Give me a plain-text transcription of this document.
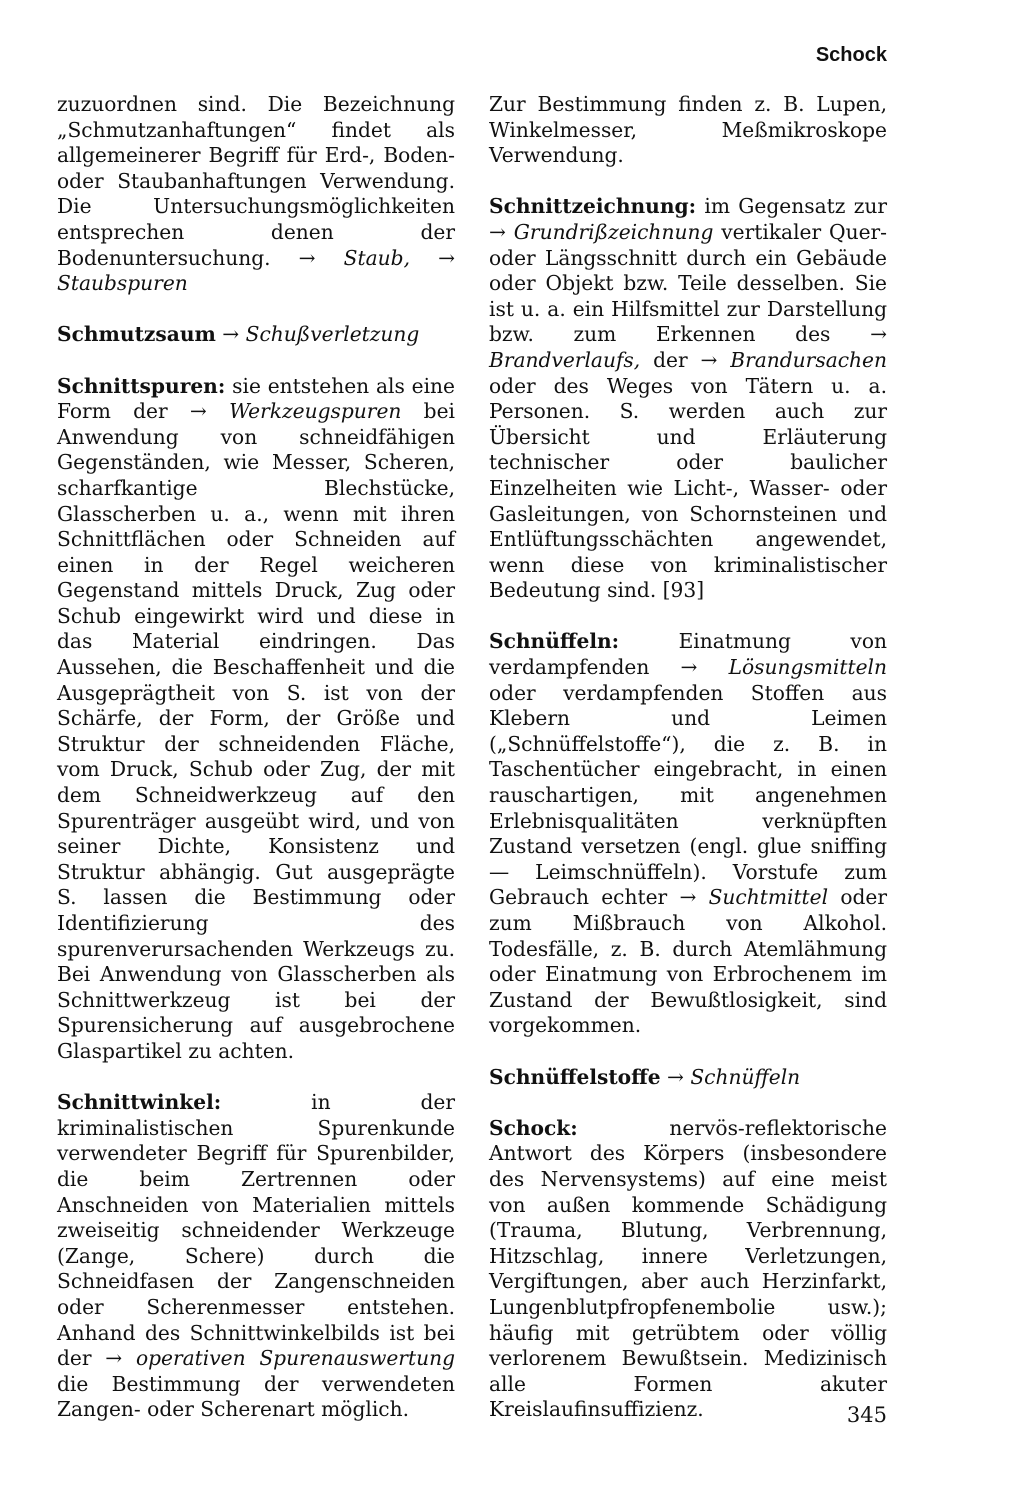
Schock

zuzuordnen sind. Die Bezeichnung „Schmutzanhaftungen“ findet als allgemeinerer Begriff für Erd-, Boden- oder Staubanhaftungen Verwendung. Die Untersuchungsmöglichkeiten entsprechen denen der Bodenuntersuchung. → Staub, → Staubspuren

Schmutzsaum → Schußverletzung

Schnittspuren: sie entstehen als eine Form der → Werkzeugspuren bei Anwendung von schneidfähigen Gegenständen, wie Messer, Scheren, scharfkantige Blechstücke, Glasscherben u. a., wenn mit ihren Schnittflächen oder Schneiden auf einen in der Regel weicheren Gegenstand mittels Druck, Zug oder Schub eingewirkt wird und diese in das Material eindringen. Das Aussehen, die Beschaffenheit und die Ausgeprägtheit von S. ist von der Schärfe, der Form, der Größe und Struktur der schneidenden Fläche, vom Druck, Schub oder Zug, der mit dem Schneidwerkzeug auf den Spurenträger ausgeübt wird, und von seiner Dichte, Konsistenz und Struktur abhängig. Gut ausgeprägte S. lassen die Bestimmung oder Identifizierung des spurenverursachenden Werkzeugs zu. Bei Anwendung von Glasscherben als Schnittwerkzeug ist bei der Spurensicherung auf ausgebrochene Glaspartikel zu achten.

Schnittwinkel: in der kriminalistischen Spurenkunde verwendeter Begriff für Spurenbilder, die beim Zertrennen oder Anschneiden von Materialien mittels zweiseitig schneidender Werkzeuge (Zange, Schere) durch die Schneidfasen der Zangenschneiden oder Scherenmesser entstehen. Anhand des Schnittwinkelbilds ist bei der → operativen Spurenauswertung die Bestimmung der verwendeten Zangen- oder Scherenart möglich.

Zur Bestimmung finden z. B. Lupen, Winkelmesser, Meßmikroskope Verwendung.

Schnittzeichnung: im Gegensatz zur → Grundrißzeichnung vertikaler Quer- oder Längsschnitt durch ein Gebäude oder Objekt bzw. Teile desselben. Sie ist u. a. ein Hilfsmittel zur Darstellung bzw. zum Erkennen des → Brandverlaufs, der → Brandursachen oder des Weges von Tätern u. a. Personen. S. werden auch zur Übersicht und Erläuterung technischer oder baulicher Einzelheiten wie Licht-, Wasser- oder Gasleitungen, von Schornsteinen und Entlüftungsschächten angewendet, wenn diese von kriminalistischer Bedeutung sind. [93]

Schnüffeln: Einatmung von verdampfenden → Lösungsmitteln oder verdampfenden Stoffen aus Klebern und Leimen („Schnüffelstoffe“), die z. B. in Taschentücher eingebracht, in einen rauschartigen, mit angenehmen Erlebnisqualitäten verknüpften Zustand versetzen (engl. glue sniffing — Leimschnüffeln). Vorstufe zum Gebrauch echter → Suchtmittel oder zum Mißbrauch von Alkohol. Todesfälle, z. B. durch Atemlähmung oder Einatmung von Erbrochenem im Zustand der Bewußtlosigkeit, sind vorgekommen.

Schnüffelstoffe → Schnüffeln

Schock: nervös-reflektorische Antwort des Körpers (insbesondere des Nervensystems) auf eine meist von außen kommende Schädigung (Trauma, Blutung, Verbrennung, Hitzschlag, innere Verletzungen, Vergiftungen, aber auch Herzinfarkt, Lungenblutpfropfenembolie usw.); häufig mit getrübtem oder völlig verlorenem Bewußtsein. Medizinisch alle Formen akuter Kreislaufinsuffizienz.	345
